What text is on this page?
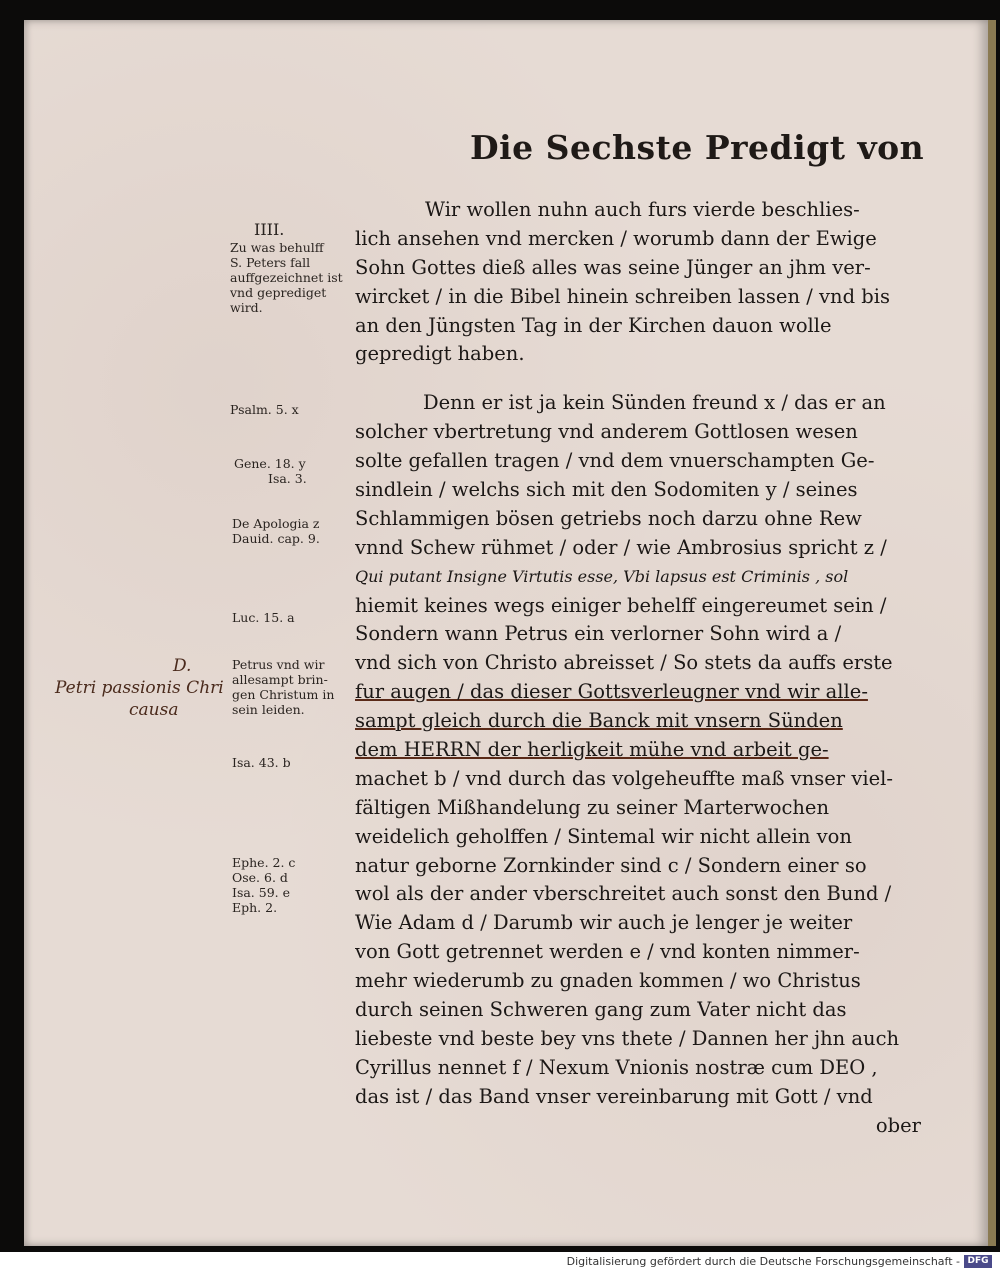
Die Sechste Predigt von
IIII.
Zu was behulff
S. Peters fall
auffgezeichnet ist
vnd geprediget
wird.
Psalm. 5. x
Gene. 18. y
Isa. 3.
De Apologia z
Dauid. cap. 9.
Luc. 15. a
Petrus vnd wir
allesampt brin-
gen Christum in
sein leiden.
Isa. 43. b
Ephe. 2. c
Ose. 6. d
Isa. 59. e
Eph. 2.
D.
Petri passionis Chri
causa
Wir wollen nuhn auch furs vierde beschlies-
lich ansehen vnd mercken / worumb dann der Ewige
Sohn Gottes dieß alles was seine Jünger an jhm ver-
wircket / in die Bibel hinein schreiben lassen / vnd bis
an den Jüngsten Tag in der Kirchen dauon wolle
gepredigt haben.
Denn er ist ja kein Sünden freund x / das er an
solcher vbertretung vnd anderem Gottlosen wesen
solte gefallen tragen / vnd dem vnuerschampten Ge-
sindlein / welchs sich mit den Sodomiten y / seines
Schlammigen bösen getriebs noch darzu ohne Rew
vnnd Schew rühmet / oder / wie Ambrosius spricht z /
Qui putant Insigne Virtutis esse, Vbi lapsus est Criminis , sol
hiemit keines wegs einiger behelff eingereumet sein /
Sondern wann Petrus ein verlorner Sohn wird a /
vnd sich von Christo abreisset / So stets da auffs erste
fur augen / das dieser Gottsverleugner vnd wir alle-
sampt gleich durch die Banck mit vnsern Sünden
dem HERRN der herligkeit mühe vnd arbeit ge-
machet b / vnd durch das volgeheuffte maß vnser viel-
fältigen Mißhandelung zu seiner Marterwochen
weidelich geholffen / Sintemal wir nicht allein von
natur geborne Zornkinder sind c / Sondern einer so
wol als der ander vberschreitet auch sonst den Bund /
Wie Adam d / Darumb wir auch je lenger je weiter
von Gott getrennet werden e / vnd konten nimmer-
mehr wiederumb zu gnaden kommen / wo Christus
durch seinen Schweren gang zum Vater nicht das
liebeste vnd beste bey vns thete / Dannen her jhn auch
Cyrillus nennet f / Nexum Vnionis nostræ cum DEO ,
das ist / das Band vnser vereinbarung mit Gott / vnd
ober
Digitalisierung gefördert durch die Deutsche Forschungsgemeinschaft - DFG
